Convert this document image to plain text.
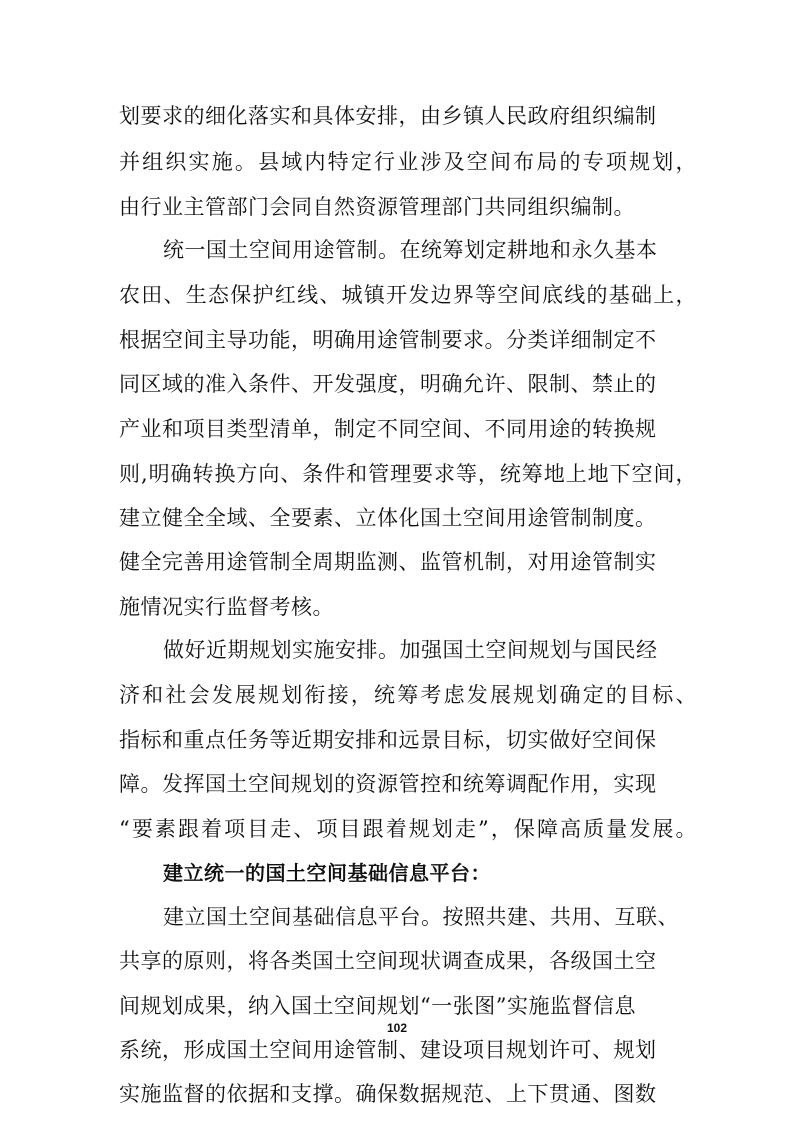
划要求的细化落实和具体安排，由乡镇人民政府组织编制
并组织实施。县域内特定行业涉及空间布局的专项规划，
由行业主管部门会同自然资源管理部门共同组织编制。
统一国土空间用途管制。在统筹划定耕地和永久基本
农田、生态保护红线、城镇开发边界等空间底线的基础上，
根据空间主导功能，明确用途管制要求。分类详细制定不
同区域的准入条件、开发强度，明确允许、限制、禁止的
产业和项目类型清单，制定不同空间、不同用途的转换规
则,明确转换方向、条件和管理要求等，统筹地上地下空间，
建立健全全域、全要素、立体化国土空间用途管制制度。
健全完善用途管制全周期监测、监管机制，对用途管制实
施情况实行监督考核。
做好近期规划实施安排。加强国土空间规划与国民经
济和社会发展规划衔接，统筹考虑发展规划确定的目标、
指标和重点任务等近期安排和远景目标，切实做好空间保
障。发挥国土空间规划的资源管控和统筹调配作用，实现
“要素跟着项目走、项目跟着规划走”，保障高质量发展。
建立统一的国土空间基础信息平台：
建立国土空间基础信息平台。按照共建、共用、互联、
共享的原则，将各类国土空间现状调查成果，各级国土空
间规划成果，纳入国土空间规划“一张图”实施监督信息
系统，形成国土空间用途管制、建设项目规划许可、规划
实施监督的依据和支撑。确保数据规范、上下贯通、图数
102
